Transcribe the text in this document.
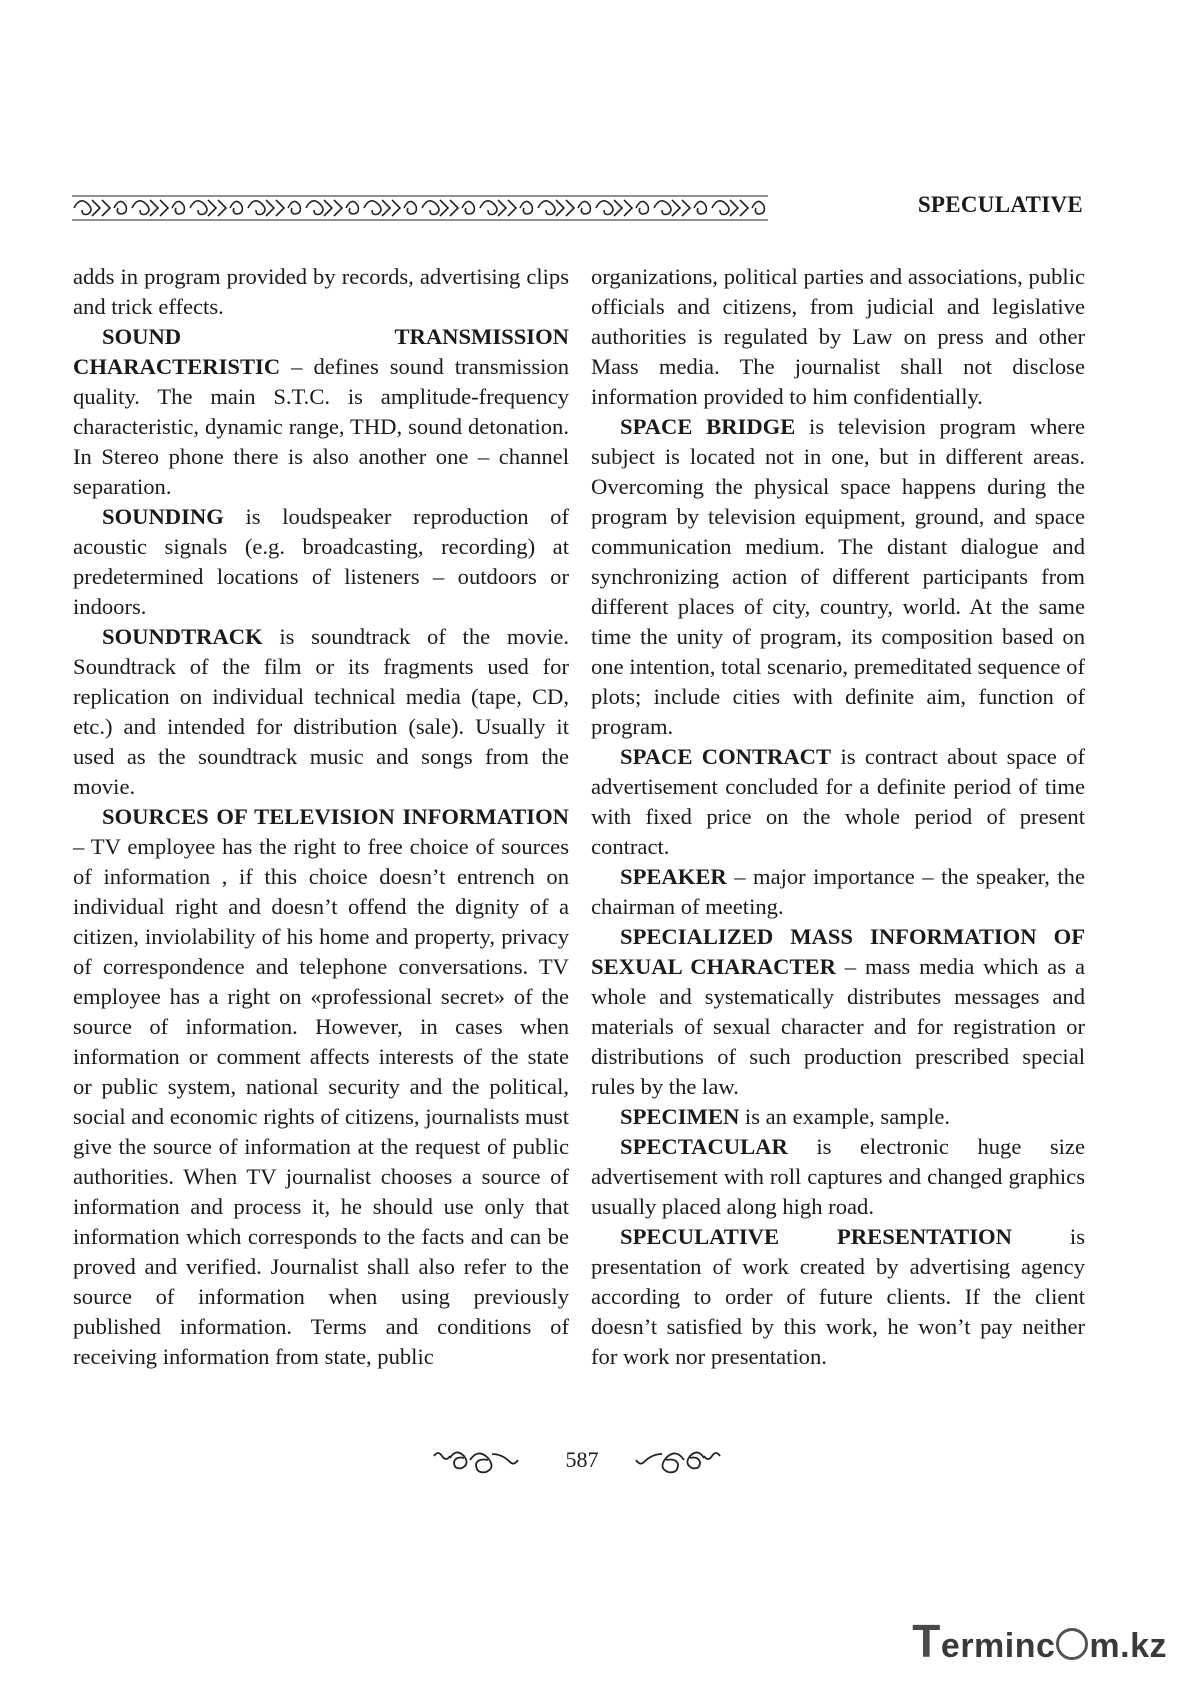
SPECULATIVE

adds in program provided by records, advertising clips and trick effects.

SOUND TRANSMISSION CHARACTERISTIC – defines sound transmission quality. The main S.T.C. is amplitude-frequency characteristic, dynamic range, THD, sound detonation. In Stereo phone there is also another one – channel separation.

SOUNDING is loudspeaker reproduction of acoustic signals (e.g. broadcasting, recording) at predetermined locations of listeners – outdoors or indoors.

SOUNDTRACK is soundtrack of the movie. Soundtrack of the film or its fragments used for replication on individual technical media (tape, CD, etc.) and intended for distribution (sale). Usually it used as the soundtrack music and songs from the movie.

SOURCES OF TELEVISION INFORMATION – TV employee has the right to free choice of sources of information , if this choice doesn’t entrench on individual right and doesn’t offend the dignity of a citizen, inviolability of his home and property, privacy of correspondence and telephone conversations. TV employee has a right on «professional secret» of the source of information. However, in cases when information or comment affects interests of the state or public system, national security and the political, social and economic rights of citizens, journalists must give the source of information at the request of public authorities. When TV journalist chooses a source of information and process it, he should use only that information which corresponds to the facts and can be proved and verified. Journalist shall also refer to the source of information when using previously published information. Terms and conditions of receiving information from state, public

organizations, political parties and associations, public officials and citizens, from judicial and legislative authorities is regulated by Law on press and other Mass media. The journalist shall not disclose information provided to him confidentially.

SPACE BRIDGE is television program where subject is located not in one, but in different areas. Overcoming the physical space happens during the program by television equipment, ground, and space communication medium. The distant dialogue and synchronizing action of different participants from different places of city, country, world. At the same time the unity of program, its composition based on one intention, total scenario, premeditated sequence of plots; include cities with definite aim, function of program.

SPACE CONTRACT is contract about space of advertisement concluded for a definite period of time with fixed price on the whole period of present contract.

SPEAKER – major importance – the speaker, the chairman of meeting.

SPECIALIZED MASS INFORMATION OF SEXUAL CHARACTER – mass media which as a whole and systematically distributes messages and materials of sexual character and for registration or distributions of such production prescribed special rules by the law.

SPECIMEN is an example, sample.

SPECTACULAR is electronic huge size advertisement with roll captures and changed graphics usually placed along high road.

SPECULATIVE PRESENTATION is presentation of work created by advertising agency according to order of future clients. If the client doesn’t satisfied by this work, he won’t pay neither for work nor presentation.

587
Terminc m.kz
